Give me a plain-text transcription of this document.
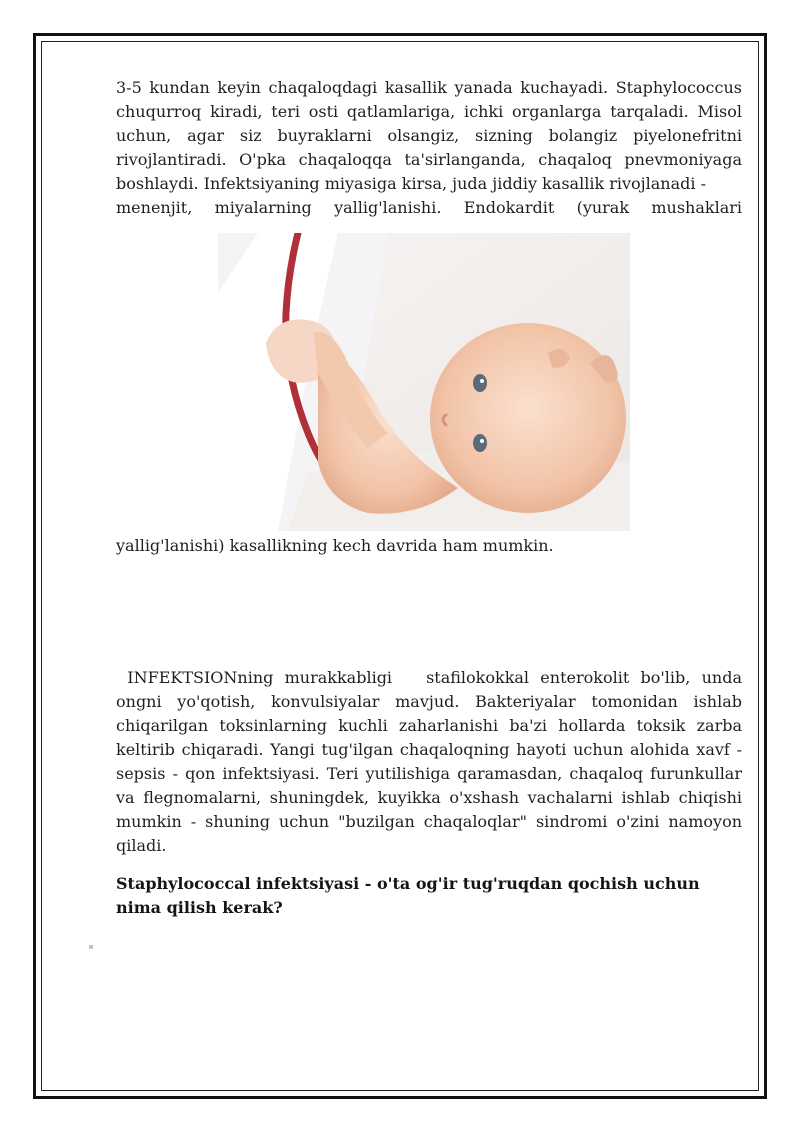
3-5 kundan keyin chaqaloqdagi kasallik yanada kuchayadi. Staphylococcus chuqurroq kiradi, teri osti qatlamlariga, ichki organlarga tarqaladi. Misol uchun, agar siz buyraklarni olsangiz, sizning bolangiz piyelonefritni rivojlantiradi. O'pka chaqaloqqa ta'sirlanganda, chaqaloq pnevmoniyaga boshlaydi. Infektsiyaning miyasiga kirsa, juda jiddiy kasallik rivojlanadi -
menenjit, miyalarning yallig'lanishi. Endokardit (yurak mushaklari

yallig'lanishi) kasallikning kech davrida ham mumkin.

INFEKTSIONning murakkabligi stafilokokkal enterokolit bo'lib, unda ongni yo'qotish, konvulsiyalar mavjud. Bakteriyalar tomonidan ishlab chiqarilgan toksinlarning kuchli zaharlanishi ba'zi hollarda toksik zarba keltirib chiqaradi. Yangi tug'ilgan chaqaloqning hayoti uchun alohida xavf - sepsis - qon infektsiyasi. Teri yutilishiga qaramasdan, chaqaloq furunkullar va flegnomalarni, shuningdek, kuyikka o'xshash vachalarni ishlab chiqishi mumkin - shuning uchun "buzilgan chaqaloqlar" sindromi o'zini namoyon qiladi.

Staphylococcal infektsiyasi - o'ta og'ir tug'ruqdan qochish uchun nima qilish kerak?
